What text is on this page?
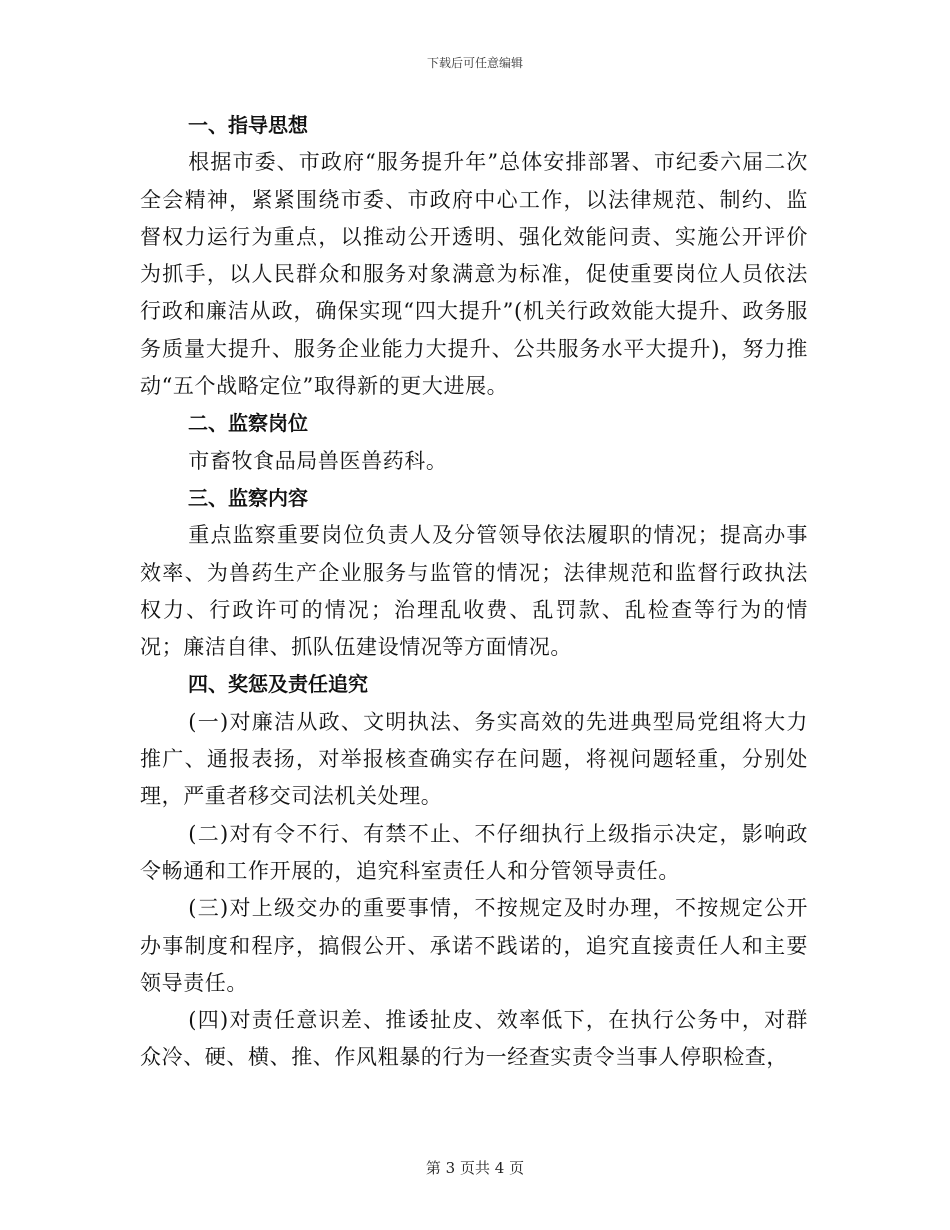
下载后可任意编辑
一、指导思想

根据市委、市政府“服务提升年”总体安排部署、市纪委六届二次全会精神，紧紧围绕市委、市政府中心工作，以法律规范、制约、监督权力运行为重点，以推动公开透明、强化效能问责、实施公开评价为抓手，以人民群众和服务对象满意为标准，促使重要岗位人员依法行政和廉洁从政，确保实现“四大提升”(机关行政效能大提升、政务服务质量大提升、服务企业能力大提升、公共服务水平大提升)，努力推动“五个战略定位”取得新的更大进展。

二、监察岗位

市畜牧食品局兽医兽药科。

三、监察内容

重点监察重要岗位负责人及分管领导依法履职的情况；提高办事效率、为兽药生产企业服务与监管的情况；法律规范和监督行政执法权力、行政许可的情况；治理乱收费、乱罚款、乱检查等行为的情况；廉洁自律、抓队伍建设情况等方面情况。

四、奖惩及责任追究

(一)对廉洁从政、文明执法、务实高效的先进典型局党组将大力推广、通报表扬，对举报核查确实存在问题，将视问题轻重，分别处理，严重者移交司法机关处理。

(二)对有令不行、有禁不止、不仔细执行上级指示决定，影响政令畅通和工作开展的，追究科室责任人和分管领导责任。

(三)对上级交办的重要事情，不按规定及时办理，不按规定公开办事制度和程序，搞假公开、承诺不践诺的，追究直接责任人和主要领导责任。

(四)对责任意识差、推诿扯皮、效率低下，在执行公务中，对群众冷、硬、横、推、作风粗暴的行为一经查实责令当事人停职检查，

第 3 页共 4 页
